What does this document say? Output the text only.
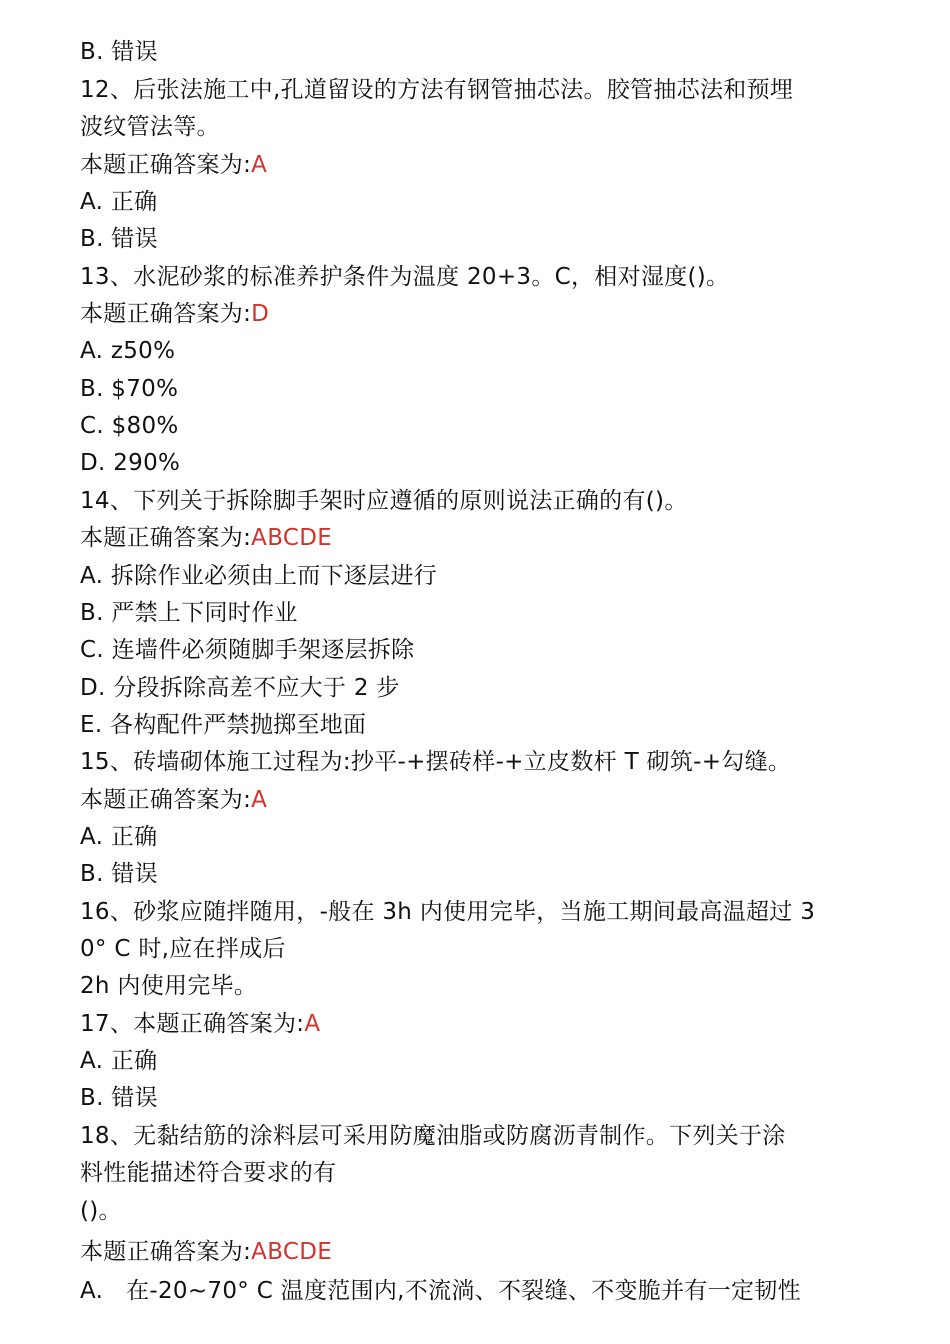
B. 错误
12、后张法施工中,孔道留设的方法有钢管抽芯法。胶管抽芯法和预埋
波纹管法等。
本题正确答案为:A
A. 正确
B. 错误
13、水泥砂浆的标准养护条件为温度 20+3。C，相对湿度()。
本题正确答案为:D
A. z50%
B. $70%
C. $80%
D. 290%
14、下列关于拆除脚手架时应遵循的原则说法正确的有()。
本题正确答案为:ABCDE
A. 拆除作业必须由上而下逐层进行
B. 严禁上下同时作业
C. 连墙件必须随脚手架逐层拆除
D. 分段拆除高差不应大于 2 步
E. 各构配件严禁抛掷至地面
15、砖墙砌体施工过程为:抄平-+摆砖样-+立皮数杆 T 砌筑-+勾缝。
本题正确答案为:A
A. 正确
B. 错误
16、砂浆应随拌随用，-般在 3h 内使用完毕，当施工期间最高温超过 3
0° C 时,应在拌成后
2h 内使用完毕。
17、本题正确答案为:A
A. 正确
B. 错误
18、无黏结筋的涂料层可采用防魔油脂或防腐沥青制作。下列关于涂
料性能描述符合要求的有
()。
本题正确答案为:ABCDE
A.   在-20~70° C 温度范围内,不流淌、不裂缝、不变脆并有一定韧性
